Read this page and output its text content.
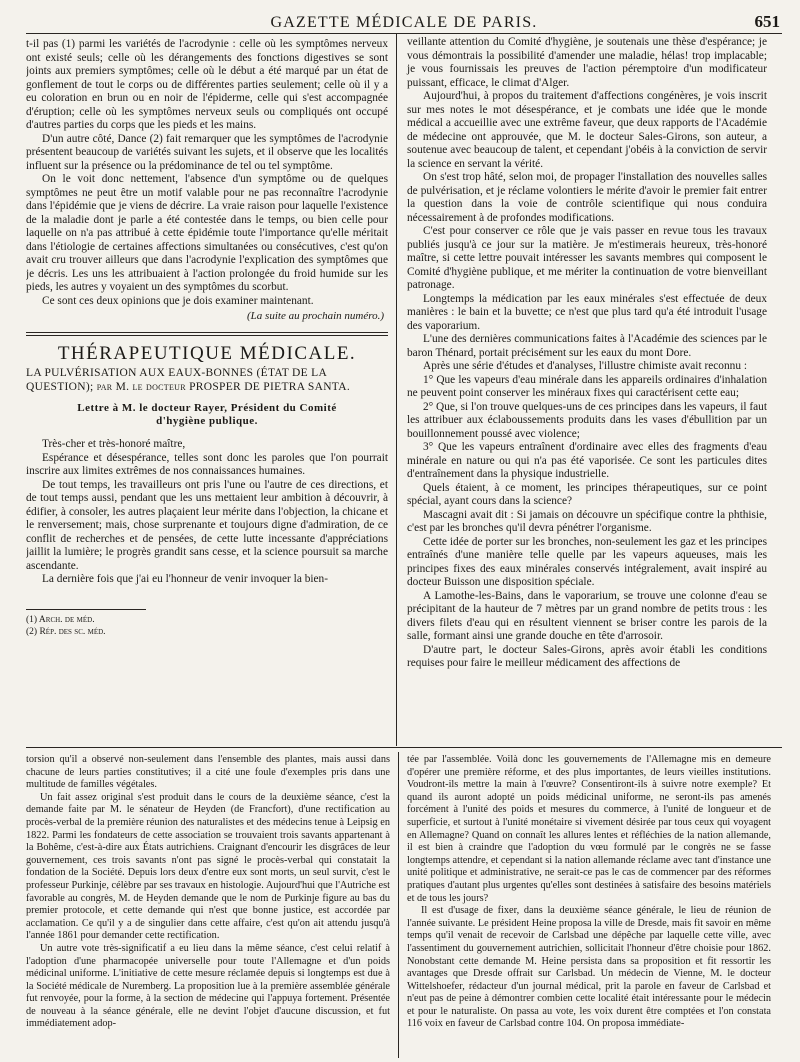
GAZETTE MÉDICALE DE PARIS.	651

t-il pas (1) parmi les variétés de l'acrodynie : celle où les symptômes nerveux ont existé seuls; celle où les dérangements des fonctions digestives se sont joints aux premiers symptômes; celle où le début a été marqué par un état de gonflement de tout le corps ou de différentes parties seulement; celle où il y a eu coloration en brun ou en noir de l'épiderme, celle qui s'est accompagnée d'éruption; celle où les symptômes nerveux seuls ou compliqués ont occupé d'autres parties du corps que les pieds et les mains.

D'un autre côté, Dance (2) fait remarquer que les symptômes de l'acrodynie présentent beaucoup de variétés suivant les sujets, et il observe que les localités influent sur la présence ou la prédominance de tel ou tel symptôme.

On le voit donc nettement, l'absence d'un symptôme ou de quelques symptômes ne peut être un motif valable pour ne pas reconnaître l'acrodynie dans l'épidémie que je viens de décrire. La vraie raison pour laquelle l'existence de la maladie dont je parle a été contestée dans le temps, ou bien celle pour laquelle on n'a pas attribué à cette épidémie toute l'importance qu'elle méritait dans l'étiologie de certaines affections simultanées ou consécutives, c'est qu'on avait cru trouver ailleurs que dans l'acrodynie l'explication des symptômes que je décris. Les uns les attribuaient à l'action prolongée du froid humide sur les pieds, les autres y voyaient un des symptômes du scorbut.

Ce sont ces deux opinions que je dois examiner maintenant.

(La suite au prochain numéro.)
THÉRAPEUTIQUE MÉDICALE.
LA PULVÉRISATION AUX EAUX-BONNES (ÉTAT DE LA QUESTION); par M. le docteur PROSPER DE PIETRA SANTA.
Lettre à M. le docteur Rayer, Président du Comité
d'hygiène publique.

Très-cher et très-honoré maître,

Espérance et désespérance, telles sont donc les paroles que l'on pourrait inscrire aux limites extrêmes de nos connaissances humaines.

De tout temps, les travailleurs ont pris l'une ou l'autre de ces directions, et de tout temps aussi, pendant que les uns mettaient leur ambition à découvrir, à édifier, à consoler, les autres plaçaient leur mérite dans l'objection, la chicane et le renversement; mais, chose surprenante et toujours digne d'admiration, de ce conflit de recherches et de pensées, de cette lutte incessante d'appréciations jaillit la lumière; le progrès grandit sans cesse, et la science poursuit sa marche ascendante.

La dernière fois que j'ai eu l'honneur de venir invoquer la bien-

(1) Arch. de méd.
(2) Rép. des sc. méd.

veillante attention du Comité d'hygiène, je soutenais une thèse d'espérance; je vous démontrais la possibilité d'amender une maladie, hélas! trop implacable; je vous fournissais les preuves de l'action péremptoire d'un modificateur puissant, efficace, le climat d'Alger.

Aujourd'hui, à propos du traitement d'affections congénères, je vois inscrit sur mes notes le mot désespérance, et je combats une idée que le monde médical a accueillie avec une extrême faveur, que deux rapports de l'Académie de médecine ont approuvée, que M. le docteur Sales-Girons, son auteur, a soutenue avec beaucoup de talent, et cependant j'obéis à la conviction de servir la science en servant la vérité.

On s'est trop hâté, selon moi, de propager l'installation des nouvelles salles de pulvérisation, et je réclame volontiers le mérite d'avoir le premier fait entrer la question dans la voie de contrôle scientifique qui nous conduira nécessairement à de profondes modifications.

C'est pour conserver ce rôle que je vais passer en revue tous les travaux publiés jusqu'à ce jour sur la matière. Je m'estimerais heureux, très-honoré maître, si cette lettre pouvait intéresser les savants membres qui composent le Comité d'hygiène publique, et me mériter la continuation de votre bienveillant patronage.

Longtemps la médication par les eaux minérales s'est effectuée de deux manières : le bain et la buvette; ce n'est que plus tard qu'a été introduit l'usage des vaporarium.

L'une des dernières communications faites à l'Académie des sciences par le baron Thénard, portait précisément sur les eaux du mont Dore.

Après une série d'études et d'analyses, l'illustre chimiste avait reconnu :

1° Que les vapeurs d'eau minérale dans les appareils ordinaires d'inhalation ne peuvent point conserver les minéraux fixes qui caractérisent cette eau;

2° Que, si l'on trouve quelques-uns de ces principes dans les vapeurs, il faut les attribuer aux éclaboussements produits dans les vases d'ébullition par un bouillonnement poussé avec violence;

3° Que les vapeurs entraînent d'ordinaire avec elles des fragments d'eau minérale en nature ou qui n'a pas été vaporisée. Ce sont les particules dites d'entraînement dans la physique industrielle.

Quels étaient, à ce moment, les principes thérapeutiques, sur ce point spécial, ayant cours dans la science?

Mascagni avait dit : Si jamais on découvre un spécifique contre la phthisie, c'est par les bronches qu'il devra pénétrer l'organisme.

Cette idée de porter sur les bronches, non-seulement les gaz et les principes entraînés d'une manière telle quelle par les vapeurs aqueuses, mais les principes fixes des eaux minérales conservés intégralement, avait inspiré au docteur Buisson une disposition spéciale.

A Lamothe-les-Bains, dans le vaporarium, se trouve une colonne d'eau se précipitant de la hauteur de 7 mètres par un grand nombre de petits trous : les divers filets d'eau qui en résultent viennent se briser contre les parois de la salle, formant ainsi une grande douche en tête d'arrosoir.

D'autre part, le docteur Sales-Girons, après avoir établi les conditions requises pour faire le meilleur médicament des affections de

torsion qu'il a observé non-seulement dans l'ensemble des plantes, mais aussi dans chacune de leurs parties constitutives; il a cité une foule d'exemples pris dans une multitude de familles végétales.

Un fait assez original s'est produit dans le cours de la deuxième séance, c'est la demande faite par M. le sénateur de Heyden (de Francfort), d'une rectification au procès-verbal de la première réunion des naturalistes et des médecins tenue à Leipsig en 1822. Parmi les fondateurs de cette association se trouvaient trois savants appartenant à la Bohême, c'est-à-dire aux États autrichiens. Craignant d'encourir les disgrâces de leur gouvernement, ces trois savants n'ont pas signé le procès-verbal qui constatait la fondation de la Société. Depuis lors deux d'entre eux sont morts, un seul survit, c'est le professeur Purkinje, célèbre par ses travaux en histologie. Aujourd'hui que l'Autriche est favorable au congrès, M. de Heyden demande que le nom de Purkinje figure au bas du premier protocole, et cette demande qui n'est que bonne justice, est accordée par acclamation. Ce qu'il y a de singulier dans cette affaire, c'est qu'on ait attendu jusqu'à l'année 1861 pour demander cette rectification.

Un autre vote très-significatif a eu lieu dans la même séance, c'est celui relatif à l'adoption d'une pharmacopée universelle pour toute l'Allemagne et d'un poids médicinal uniforme. L'initiative de cette mesure réclamée depuis si longtemps est due à la Société médicale de Nuremberg. La proposition lue à la première assemblée générale fut renvoyée, pour la forme, à la section de médecine qui l'appuya fortement. Présentée de nouveau à la séance générale, elle ne devint l'objet d'aucune discussion, et fut immédiatement adop-

tée par l'assemblée. Voilà donc les gouvernements de l'Allemagne mis en demeure d'opérer une première réforme, et des plus importantes, de leurs vieilles institutions. Voudront-ils mettre la main à l'œuvre? Consentiront-ils à suivre notre exemple? Et quand ils auront adopté un poids médicinal uniforme, ne seront-ils pas amenés forcément à l'unité des poids et mesures du commerce, à l'unité de longueur et de superficie, et surtout à l'unité monétaire si vivement désirée par tous ceux qui voyagent en Allemagne? Quand on connaît les allures lentes et réfléchies de la nation allemande, il est bien à craindre que l'adoption du vœu formulé par le congrès ne se fasse longtemps attendre, et cependant si la nation allemande réclame avec tant d'instance une unité politique et administrative, ne serait-ce pas le cas de commencer par des réformes pratiques d'autant plus urgentes qu'elles sont destinées à satisfaire des besoins matériels et de tous les jours?

Il est d'usage de fixer, dans la deuxième séance générale, le lieu de réunion de l'année suivante. Le président Heine proposa la ville de Dresde, mais fit savoir en même temps qu'il venait de recevoir de Carlsbad une dépêche par laquelle cette ville, avec l'assentiment du gouvernement autrichien, sollicitait l'honneur d'être choisie pour 1862. Nonobstant cette demande M. Heine persista dans sa proposition et fit ressortir les avantages que Dresde offrait sur Carlsbad. Un médecin de Vienne, M. le docteur Wittelshoefer, rédacteur d'un journal médical, prit la parole en faveur de Carlsbad et n'eut pas de peine à démontrer combien cette localité était intéressante pour le médecin et pour le naturaliste. On passa au vote, les voix durent être comptées et l'on constata 116 voix en faveur de Carlsbad contre 104. On proposa immédiate-
